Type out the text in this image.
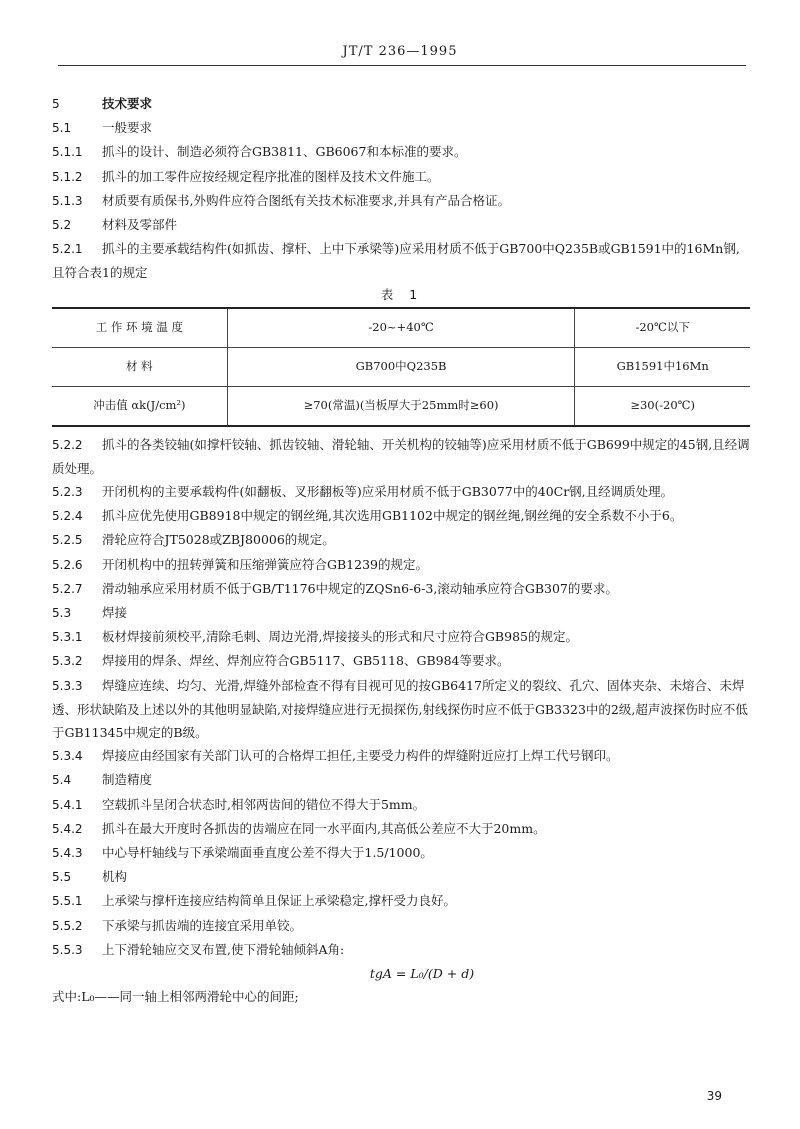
JT/T 236—1995
5	技术要求
5.1 一般要求
5.1.1 抓斗的设计、制造必须符合GB3811、GB6067和本标准的要求。
5.1.2 抓斗的加工零件应按经规定程序批准的图样及技术文件施工。
5.1.3 材质要有质保书,外购件应符合图纸有关技术标准要求,并具有产品合格证。
5.2 材料及零部件
5.2.1 抓斗的主要承载结构件(如抓齿、撑杆、上中下承梁等)应采用材质不低于GB700中Q235B或GB1591中的16Mn钢,且符合表1的规定
表 1
工 作 环 境 温 度	-20~+40℃	-20℃以下
材 料	GB700中Q235B	GB1591中16Mn
冲击值 αk(J/cm²)	≥70(常温)(当板厚大于25mm时≥60)	≥30(-20℃)
5.2.2 抓斗的各类铰轴(如撑杆铰轴、抓齿铰轴、滑轮轴、开关机构的铰轴等)应采用材质不低于GB699中规定的45钢,且经调质处理。
5.2.3 开闭机构的主要承载构件(如翻板、叉形翻板等)应采用材质不低于GB3077中的40Cr钢,且经调质处理。
5.2.4 抓斗应优先使用GB8918中规定的钢丝绳,其次选用GB1102中规定的钢丝绳,钢丝绳的安全系数不小于6。
5.2.5 滑轮应符合JT5028或ZBJ80006的规定。
5.2.6 开闭机构中的扭转弹簧和压缩弹簧应符合GB1239的规定。
5.2.7 滑动轴承应采用材质不低于GB/T1176中规定的ZQSn6-6-3,滚动轴承应符合GB307的要求。
5.3 焊接
5.3.1 板材焊接前须校平,清除毛刺、周边光滑,焊接接头的形式和尺寸应符合GB985的规定。
5.3.2 焊接用的焊条、焊丝、焊剂应符合GB5117、GB5118、GB984等要求。
5.3.3 焊缝应连续、均匀、光滑,焊缝外部检查不得有目视可见的按GB6417所定义的裂纹、孔穴、固体夹杂、未熔合、未焊透、形状缺陷及上述以外的其他明显缺陷,对接焊缝应进行无损探伤,射线探伤时应不低于GB3323中的2级,超声波探伤时应不低于GB11345中规定的B级。
5.3.4 焊接应由经国家有关部门认可的合格焊工担任,主要受力构件的焊缝附近应打上焊工代号钢印。
5.4 制造精度
5.4.1 空载抓斗呈闭合状态时,相邻两齿间的错位不得大于5mm。
5.4.2 抓斗在最大开度时各抓齿的齿端应在同一水平面内,其高低公差应不大于20mm。
5.4.3 中心导杆轴线与下承梁端面垂直度公差不得大于1.5/1000。
5.5 机构
5.5.1 上承梁与撑杆连接应结构简单且保证上承梁稳定,撑杆受力良好。
5.5.2 下承梁与抓齿端的连接宜采用单铰。
5.5.3 上下滑轮轴应交叉布置,使下滑轮轴倾斜A角:
tgA = L₀/(D + d)
式中:L₀——同一轴上相邻两滑轮中心的间距;
39
